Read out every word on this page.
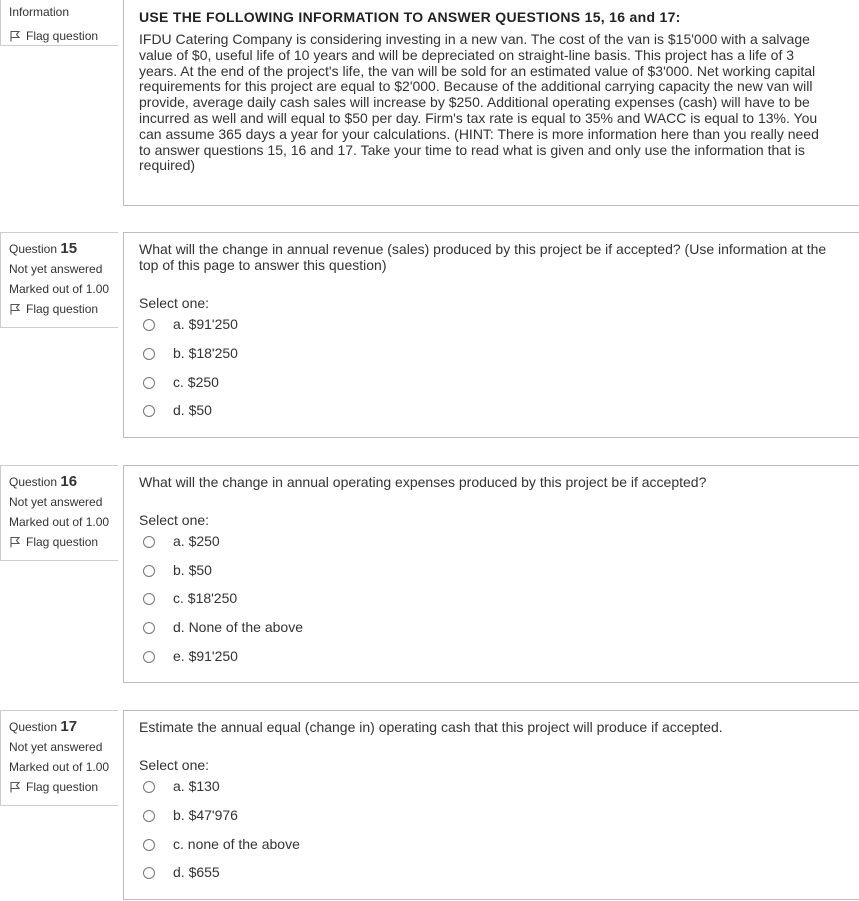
Information
Flag question
USE THE FOLLOWING INFORMATION TO ANSWER QUESTIONS 15, 16 and 17:
IFDU Catering Company is considering investing in a new van. The cost of the van is $15'000 with a salvage value of $0, useful life of 10 years and will be depreciated on straight-line basis. This project has a life of 3 years. At the end of the project's life, the van will be sold for an estimated value of $3'000. Net working capital requirements for this project are equal to $2'000. Because of the additional carrying capacity the new van will provide, average daily cash sales will increase by $250. Additional operating expenses (cash) will have to be incurred as well and will equal to $50 per day. Firm's tax rate is equal to 35% and WACC is equal to 13%. You can assume 365 days a year for your calculations. (HINT: There is more information here than you really need to answer questions 15, 16 and 17. Take your time to read what is given and only use the information that is required)
Question 15
Not yet answered
Marked out of 1.00
Flag question
What will the change in annual revenue (sales) produced by this project be if accepted? (Use information at the top of this page to answer this question)
Select one:
a. $91'250
b. $18'250
c. $250
d. $50
Question 16
Not yet answered
Marked out of 1.00
Flag question
What will the change in annual operating expenses produced by this project be if accepted?
Select one:
a. $250
b. $50
c. $18'250
d. None of the above
e. $91'250
Question 17
Not yet answered
Marked out of 1.00
Flag question
Estimate the annual equal (change in) operating cash that this project will produce if accepted.
Select one:
a. $130
b. $47'976
c. none of the above
d. $655
